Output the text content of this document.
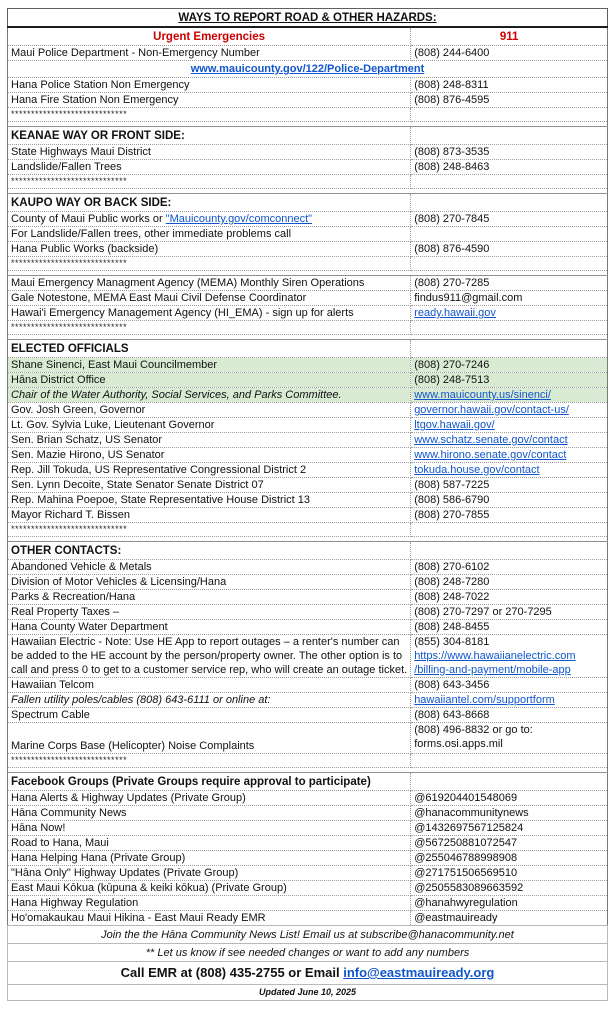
WAYS TO REPORT ROAD & OTHER HAZARDS:	
Urgent Emergencies	911
Maui Police Department - Non-Emergency Number	(808) 244-6400
www.mauicounty.gov/122/Police-Department	
Hana Police Station Non Emergency	(808) 248-8311
Hana Fire Station Non Emergency	(808) 876-4595
*****************************	

KEANAE WAY OR FRONT SIDE:	
State Highways Maui District	(808) 873-3535
Landslide/Fallen Trees	(808) 248-8463
*****************************	

KAUPO WAY OR BACK SIDE:	
County of Maui Public works or "Mauicounty.gov/comconnect"	(808) 270-7845
For Landslide/Fallen trees, other immediate problems call	
Hana Public Works (backside)	(808) 876-4590
*****************************	

Maui Emergency Managment Agency (MEMA) Monthly Siren Operations	(808) 270-7285
Gale Notestone, MEMA East Maui Civil Defense Coordinator	findus911@gmail.com
Hawai'i Emergency Management Agency (HI_EMA) - sign up for alerts	ready.hawaii.gov
*****************************	

ELECTED OFFICIALS	
Shane Sinenci, East Maui Councilmember	(808) 270-7246
Hāna District Office	(808) 248-7513
Chair of the Water Authority, Social Services, and Parks Committee.	www.mauicounty.us/sinenci/
Gov. Josh Green, Governor	governor.hawaii.gov/contact-us/
Lt. Gov. Sylvia Luke, Lieutenant Governor	ltgov.hawaii.gov/
Sen. Brian Schatz, US Senator	www.schatz.senate.gov/contact
Sen. Mazie Hirono, US Senator	www.hirono.senate.gov/contact
Rep. Jill Tokuda, US Representative Congressional District 2	tokuda.house.gov/contact
Sen. Lynn Decoite, State Senator Senate District 07	(808) 587-7225
Rep. Mahina Poepoe, State Representative House District 13	(808) 586-6790
Mayor Richard T. Bissen	(808) 270-7855
*****************************	

OTHER CONTACTS:	
Abandoned Vehicle & Metals	(808) 270-6102
Division of Motor Vehicles & Licensing/Hana	(808) 248-7280
Parks & Recreation/Hana	(808) 248-7022
Real Property Taxes –	(808) 270-7297 or 270-7295
Hana County Water Department	(808) 248-8455
Hawaiian Electric - Note: Use HE App to report outages – a renter's number can be added to the HE account by the person/property owner. The other option is to call and press 0 to get to a customer service rep, who will create an outage ticket.	(855) 304-8181
https://www.hawaiianelectric.com
/billing-and-payment/mobile-app
Hawaiian Telcom	(808) 643-3456
Fallen utility poles/cables (808) 643-6111 or online at:	hawaiiantel.com/supportform
Spectrum Cable	(808) 643-8668
Marine Corps Base (Helicopter) Noise Complaints	(808) 496-8832 or go to:
forms.osi.apps.mil
*****************************	

Facebook Groups (Private Groups require approval to participate)	
Hana Alerts & Highway Updates (Private Group)	@619204401548069
Hāna Community News	@hanacommunitynews
Hāna Now!	@1432697567125824
Road to Hana, Maui	@567250881072547
Hana Helping Hana (Private Group)	@255046788998908
"Hāna Only" Highway Updates (Private Group)	@271751506569510
East Maui Kōkua (kūpuna & keiki kōkua) (Private Group)	@2505583089663592
Hana Highway Regulation	@hanahwyregulation
Ho'omakaukau Maui Hikina - East Maui Ready EMR	@eastmauiready
Join the the Hāna Community News List! Email us at subscribe@hanacommunity.net	
** Let us know if see needed changes or want to add any numbers	
Call EMR at (808) 435-2755 or Email info@eastmauiready.org	
Updated June 10, 2025	
